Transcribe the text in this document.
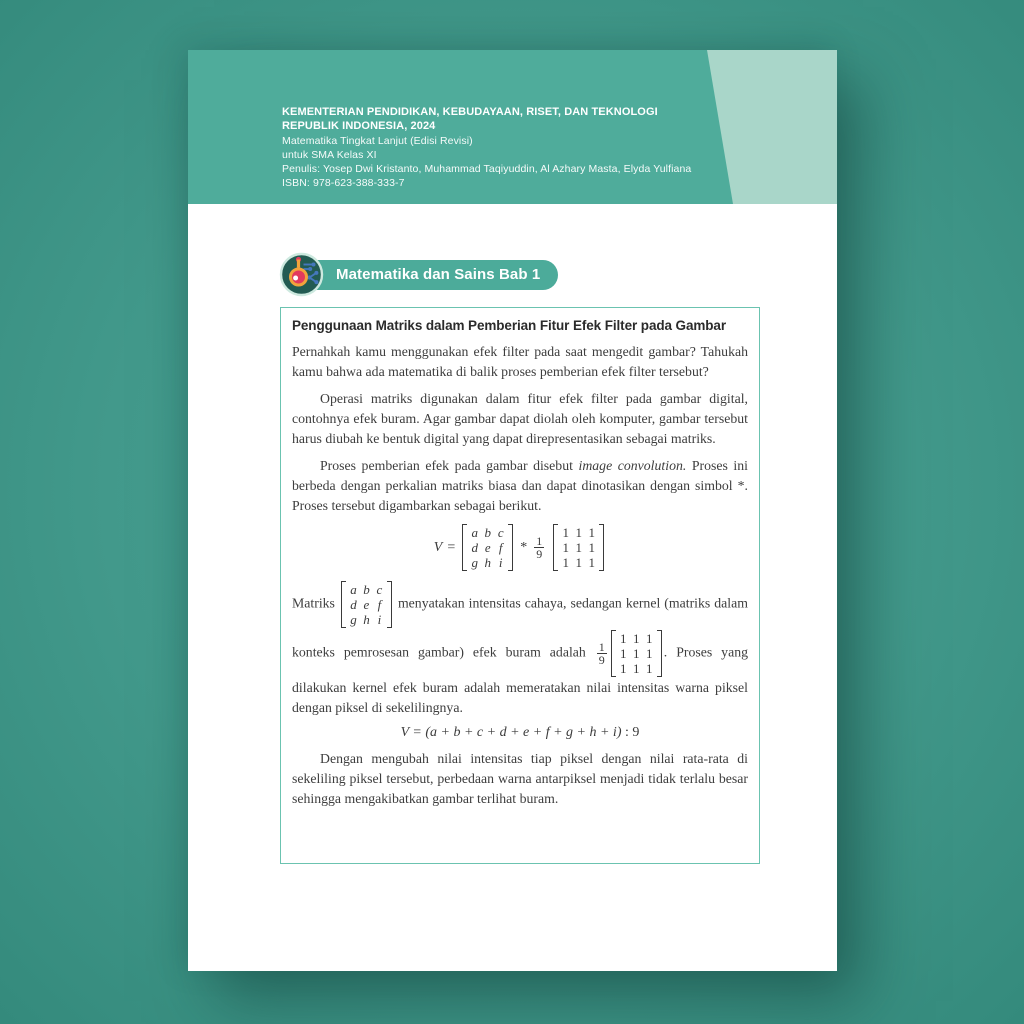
KEMENTERIAN PENDIDIKAN, KEBUDAYAAN, RISET, DAN TEKNOLOGI
REPUBLIK INDONESIA, 2024
Matematika Tingkat Lanjut (Edisi Revisi)
untuk SMA Kelas XI
Penulis: Yosep Dwi Kristanto, Muhammad Taqiyuddin, Al Azhary Masta, Elyda Yulfiana
ISBN: 978-623-388-333-7
Matematika dan Sains Bab 1
Penggunaan Matriks dalam Pemberian Fitur Efek Filter pada Gambar

Pernahkah kamu menggunakan efek filter pada saat mengedit gambar? Tahukah kamu bahwa ada matematika di balik proses pemberian efek filter tersebut?

Operasi matriks digunakan dalam fitur efek filter pada gambar digital, contohnya efek buram. Agar gambar dapat diolah oleh komputer, gambar tersebut harus diubah ke bentuk digital yang dapat direpresentasikan sebagai matriks.

Proses pemberian efek pada gambar disebut image convolution. Proses ini berbeda dengan perkalian matriks biasa dan dapat dinotasikan dengan simbol *. Proses tersebut digambarkan sebagai berikut.

V =
a b c
d e f
g h i
* $\frac{1}{9}$
1 1 1
1 1 1
1 1 1

Matriks
a b c
d e f
g h i
menyatakan intensitas cahaya, sedangan kernel (matriks dalam konteks pemrosesan gambar) efek buram adalah $\frac{1}{9}$
1 1 1
1 1 1
1 1 1
. Proses yang dilakukan kernel efek buram adalah memeratakan nilai intensitas warna piksel dengan piksel di sekelilingnya.

V = (a + b + c + d + e + f + g + h + i) : 9

Dengan mengubah nilai intensitas tiap piksel dengan nilai rata-rata di sekeliling piksel tersebut, perbedaan warna antarpiksel menjadi tidak terlalu besar sehingga mengakibatkan gambar terlihat buram.
